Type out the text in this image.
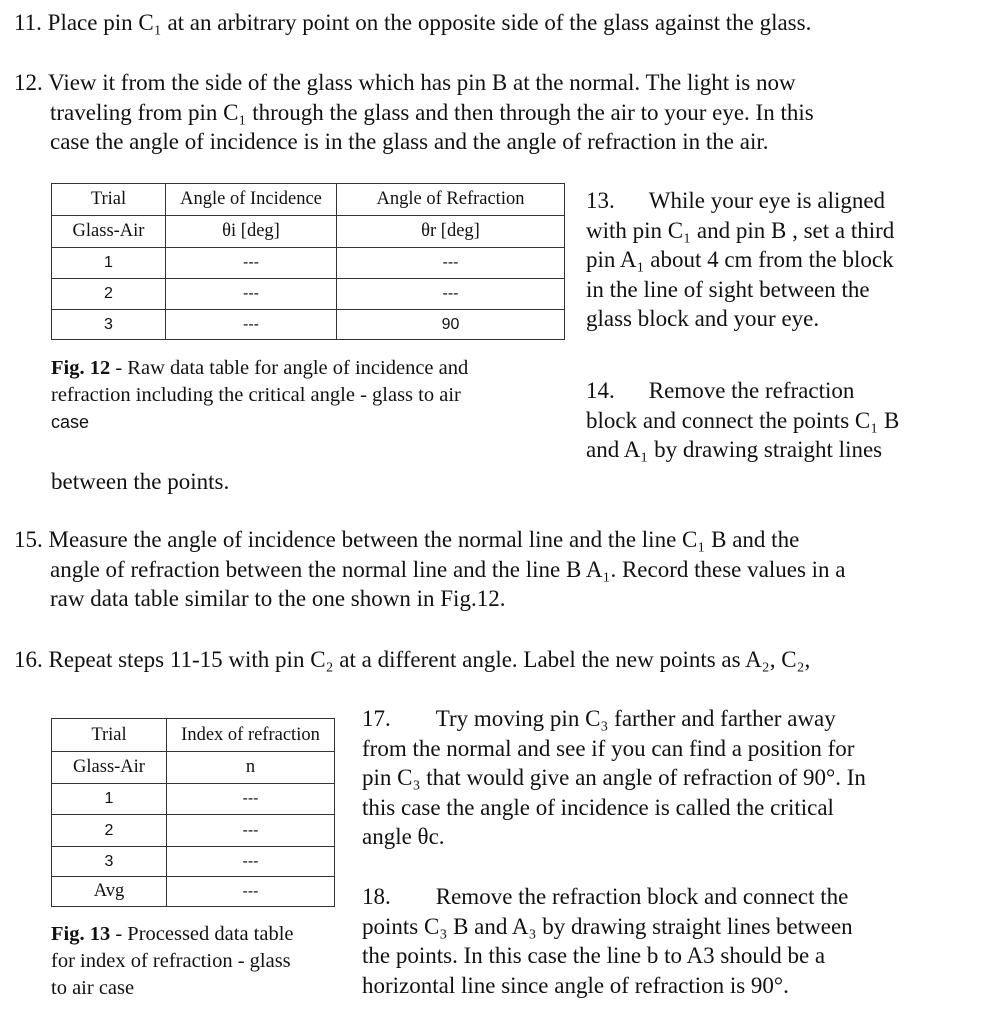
11. Place pin C₁ at an arbitrary point on the opposite side of the glass against the glass.
12. View it from the side of the glass which has pin B at the normal. The light is now
traveling from pin C₁ through the glass and then through the air to your eye. In this
case the angle of incidence is in the glass and the angle of refraction in the air.
Trial	Angle of Incidence	Angle of Refraction
Glass-Air	θi [deg]	θr [deg]
1	---	---
2	---	---
3	---	90
Fig. 12 - Raw data table for angle of incidence and
refraction including the critical angle - glass to air
case
13. While your eye is aligned
with pin C₁ and pin B , set a third
pin A₁ about 4 cm from the block
in the line of sight between the
glass block and your eye.
14. Remove the refraction
block and connect the points C₁ B
and A₁ by drawing straight lines
between the points.
15. Measure the angle of incidence between the normal line and the line C₁ B and the
angle of refraction between the normal line and the line B A₁. Record these values in a
raw data table similar to the one shown in Fig.12.
16. Repeat steps 11-15 with pin C₂ at a different angle. Label the new points as A₂, C₂,
Trial	Index of refraction
Glass-Air	n
1	---
2	---
3	---
Avg	---
Fig. 13 - Processed data table
for index of refraction - glass
to air case
17. Try moving pin C₃ farther and farther away
from the normal and see if you can find a position for
pin C₃ that would give an angle of refraction of 90°. In
this case the angle of incidence is called the critical
angle θc.
18. Remove the refraction block and connect the
points C₃ B and A₃ by drawing straight lines between
the points. In this case the line b to A3 should be a
horizontal line since angle of refraction is 90°.
